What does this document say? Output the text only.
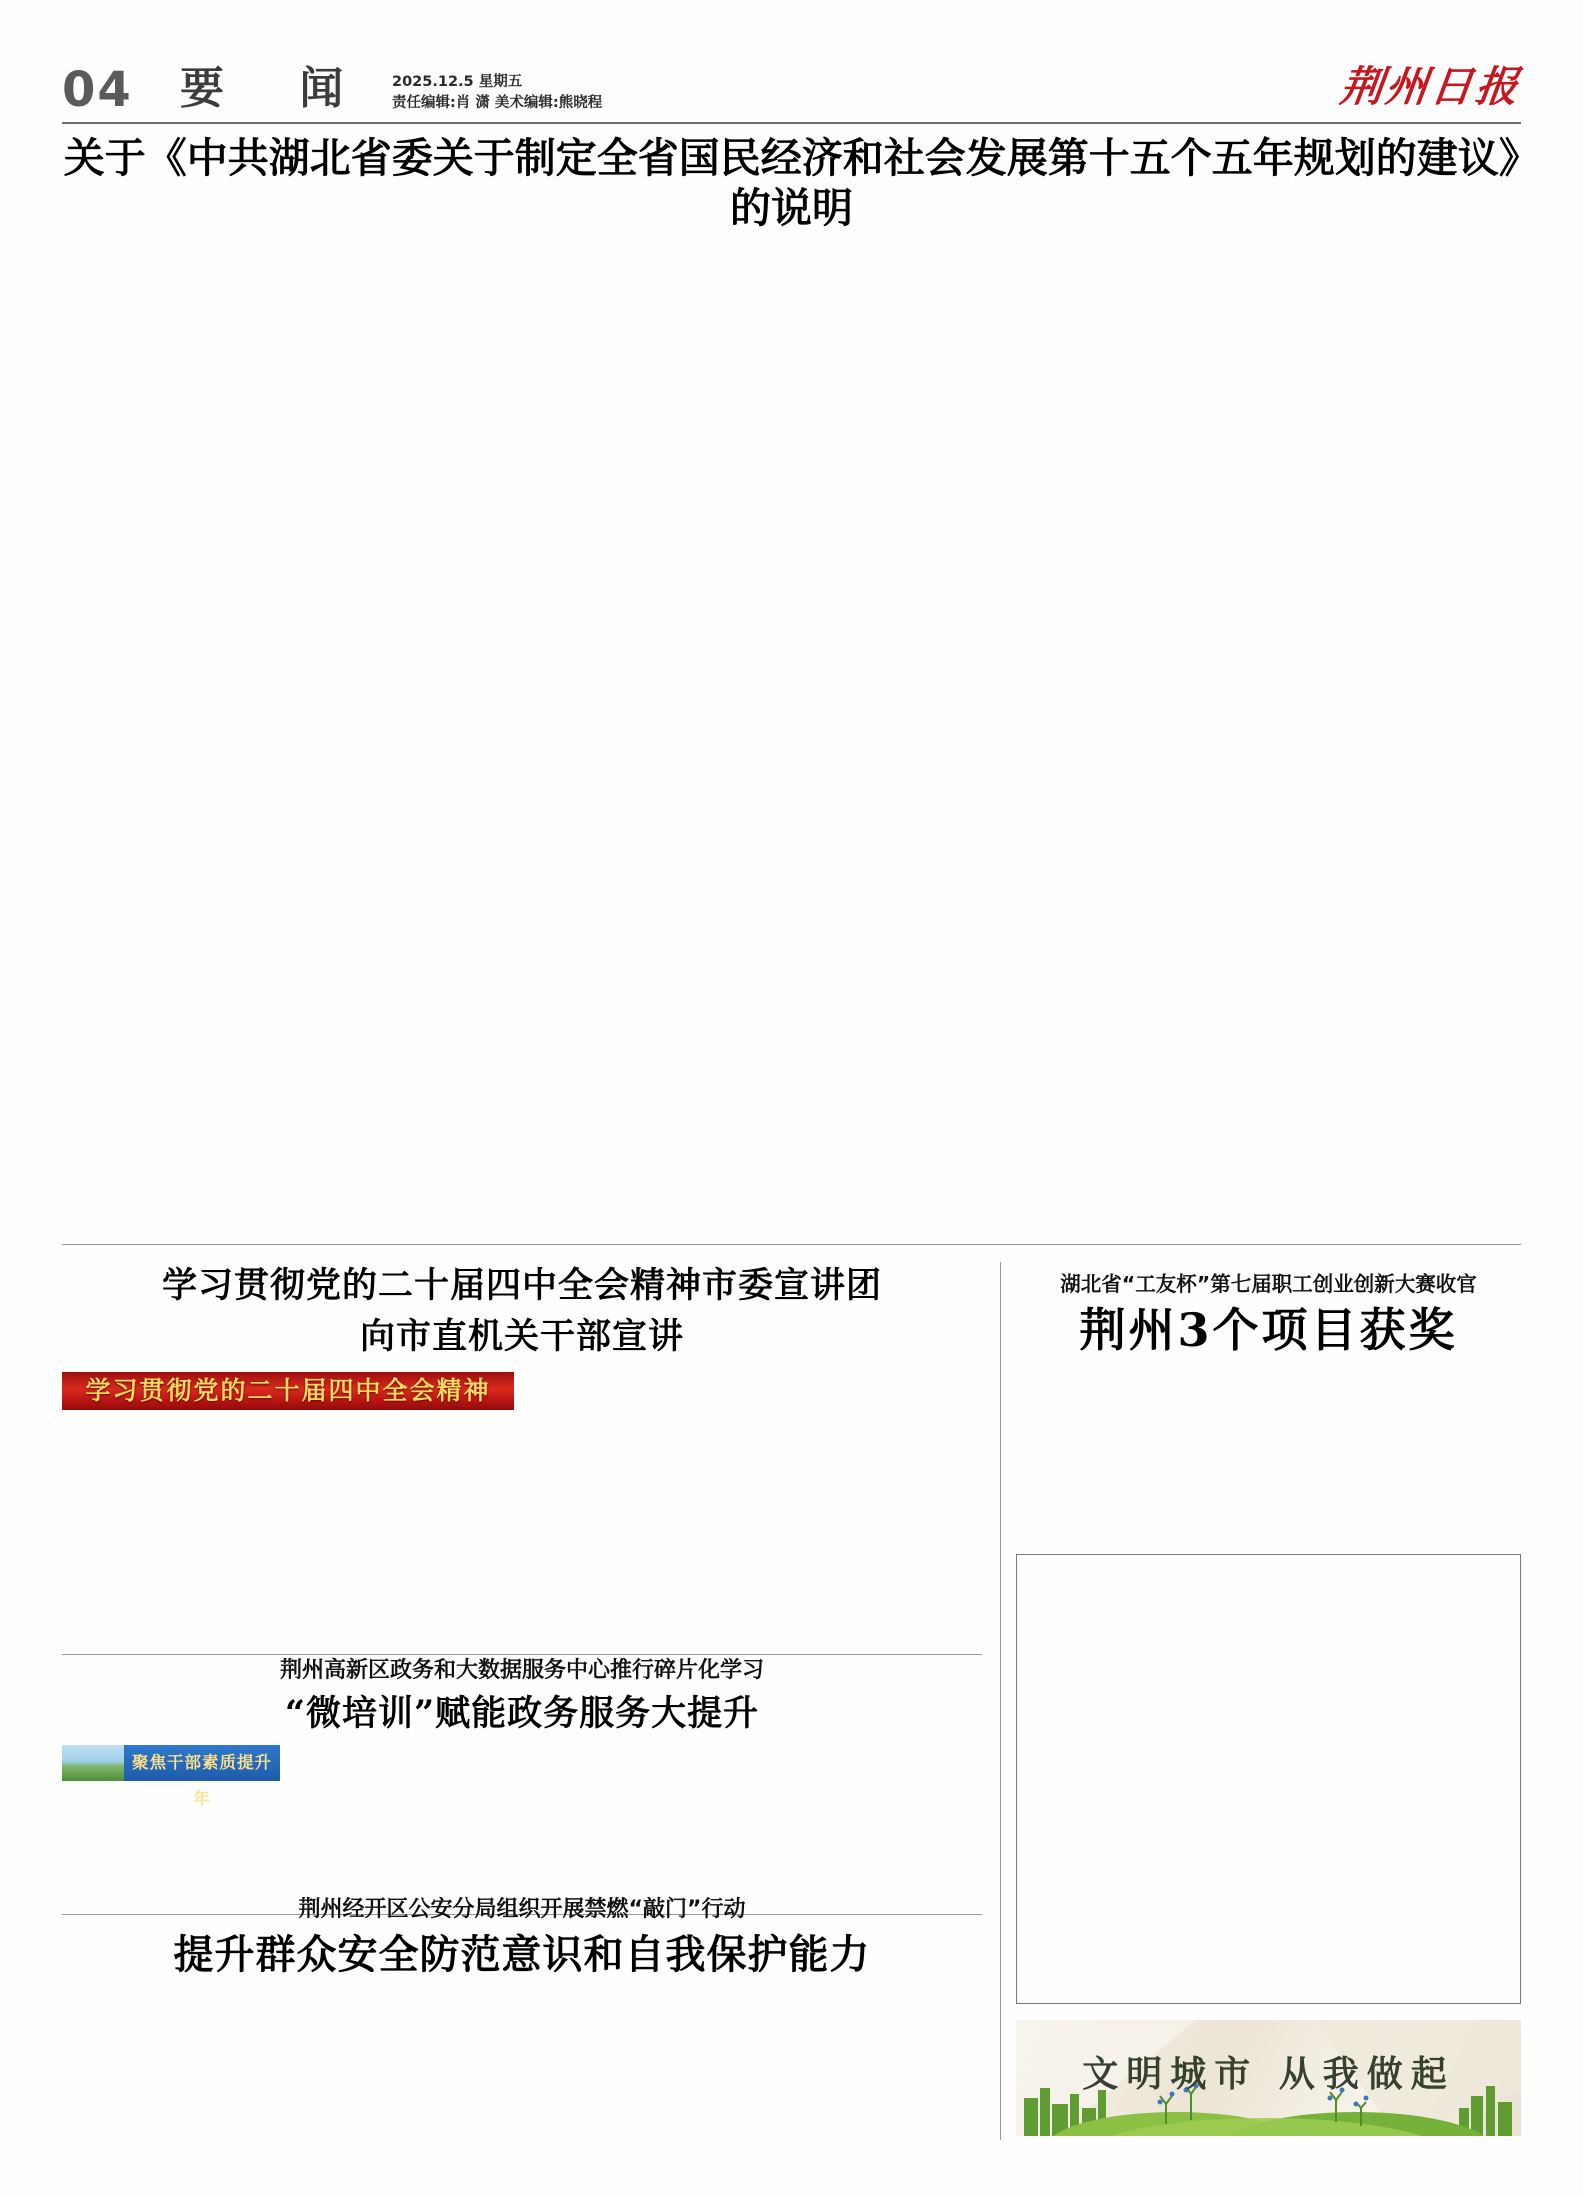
04 要 闻 2025.12.5 星期五
责任编辑:肖 潇 美术编辑:熊晓程	荆州日报
关于《中共湖北省委关于制定全省国民经济和社会发展第十五个五年规划的建议》的说明

学习贯彻党的二十届四中全会精神市委宣讲团
向市直机关干部宣讲
学习贯彻党的二十届四中全会精神

荆州高新区政务和大数据服务中心推行碎片化学习
“微培训”赋能政务服务大提升
聚焦干部素质提升年

荆州经开区公安分局组织开展禁燃“敲门”行动
提升群众安全防范意识和自我保护能力

湖北省“工友杯”第七届职工创业创新大赛收官
荆州3个项目获奖

文明城市 从我做起
